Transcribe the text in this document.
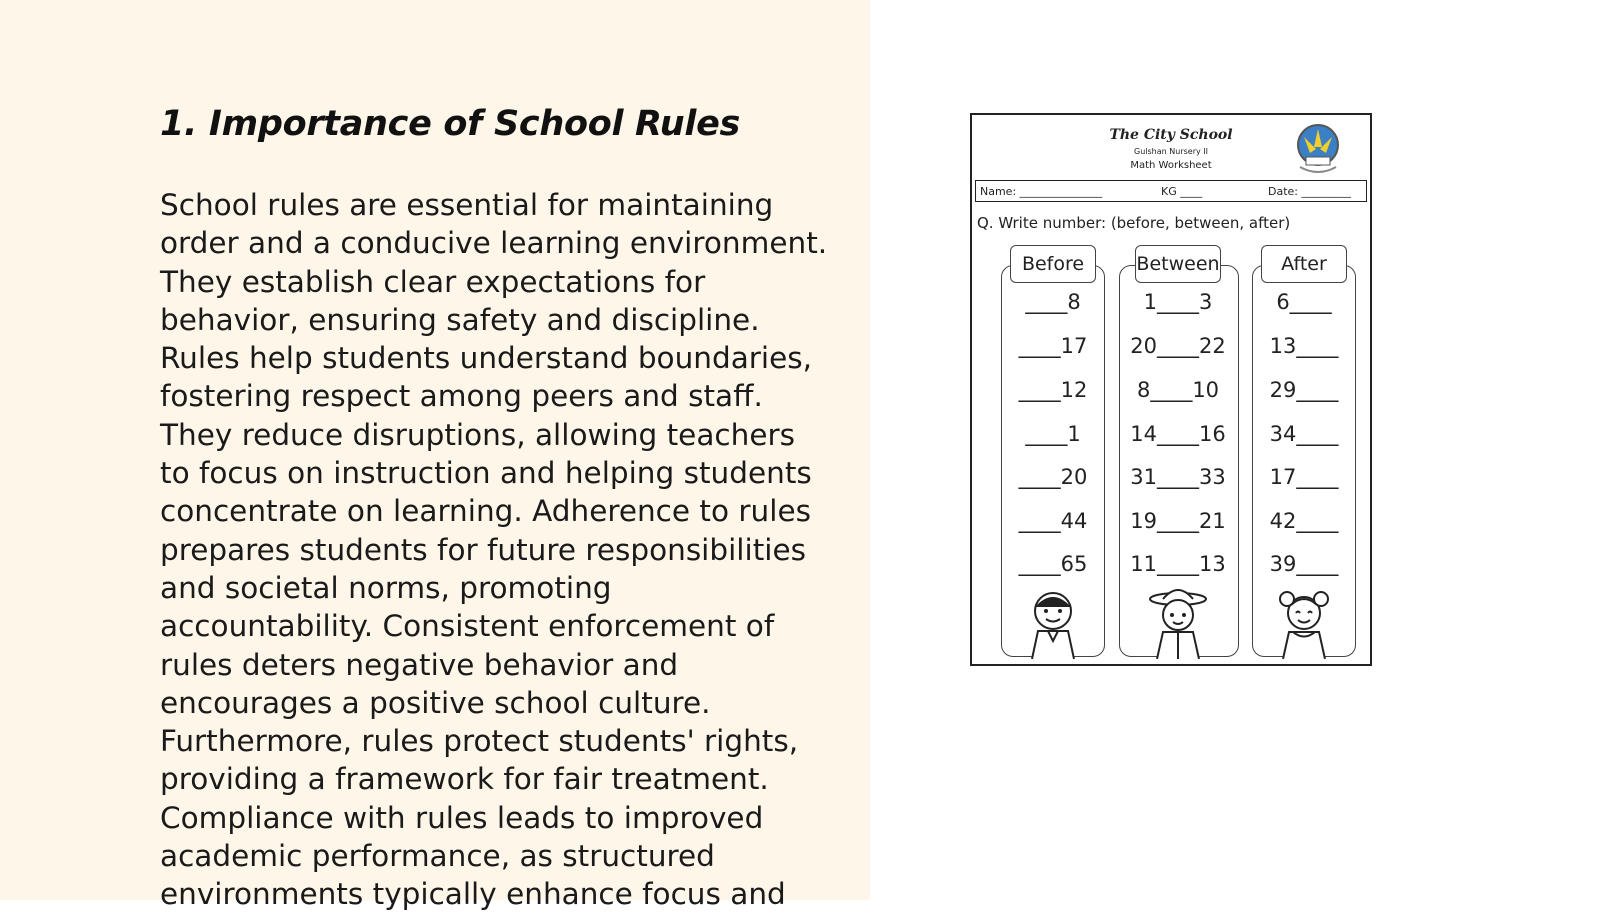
1. Importance of School Rules

School rules are essential for maintaining
order and a conducive learning environment.
They establish clear expectations for
behavior, ensuring safety and discipline.
Rules help students understand boundaries,
fostering respect among peers and staff.
They reduce disruptions, allowing teachers
to focus on instruction and helping students
concentrate on learning. Adherence to rules
prepares students for future responsibilities
and societal norms, promoting
accountability. Consistent enforcement of
rules deters negative behavior and
encourages a positive school culture.
Furthermore, rules protect students' rights,
providing a framework for fair treatment.
Compliance with rules leads to improved
academic performance, as structured
environments typically enhance focus and

The City School
Gulshan Nursery II
Math Worksheet
Name: _______________	KG ____	Date: _________
Q. Write number: (before, between, after)
Before
____8
____17
____12
____1
____20
____44
____65
Between
1____3
20____22
8____10
14____16
31____33
19____21
11____13
After
6____
13____
29____
34____
17____
42____
39____
